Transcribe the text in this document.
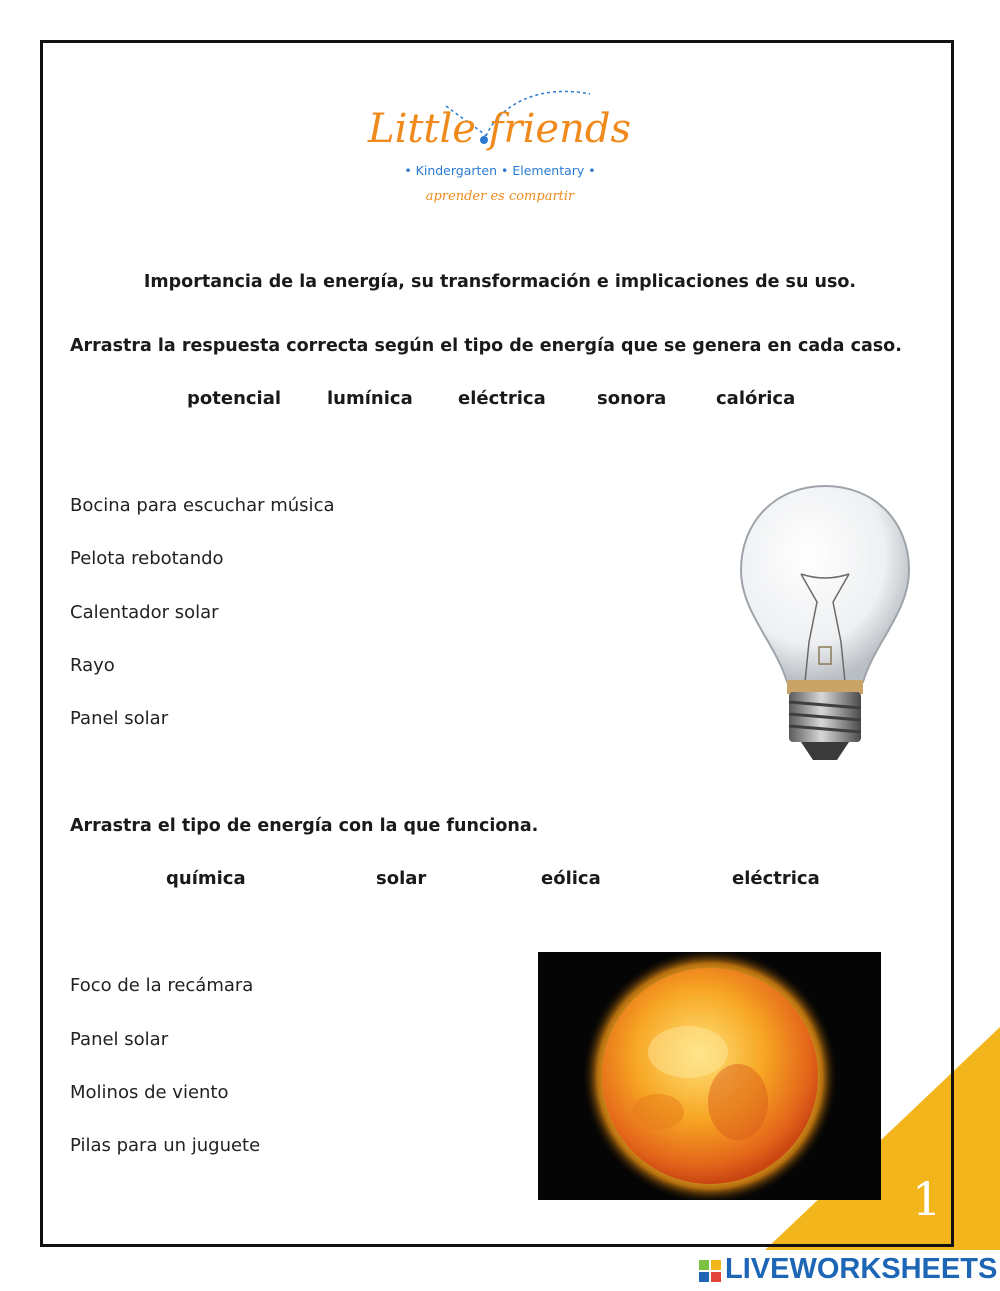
Little friends
• Kindergarten • Elementary •
aprender es compartir
Importancia de la energía, su transformación e implicaciones de su uso.
Arrastra la respuesta correcta según el tipo de energía que se genera en cada caso.
potencial	lumínica	eléctrica	sonora	calórica
Bocina para escuchar música
Pelota rebotando
Calentador solar
Rayo
Panel solar
Arrastra el tipo de energía con la que funciona.
química	solar	eólica	eléctrica
Foco de la recámara
Panel solar
Molinos de viento
Pilas para un juguete
1
LIVEWORKSHEETS
